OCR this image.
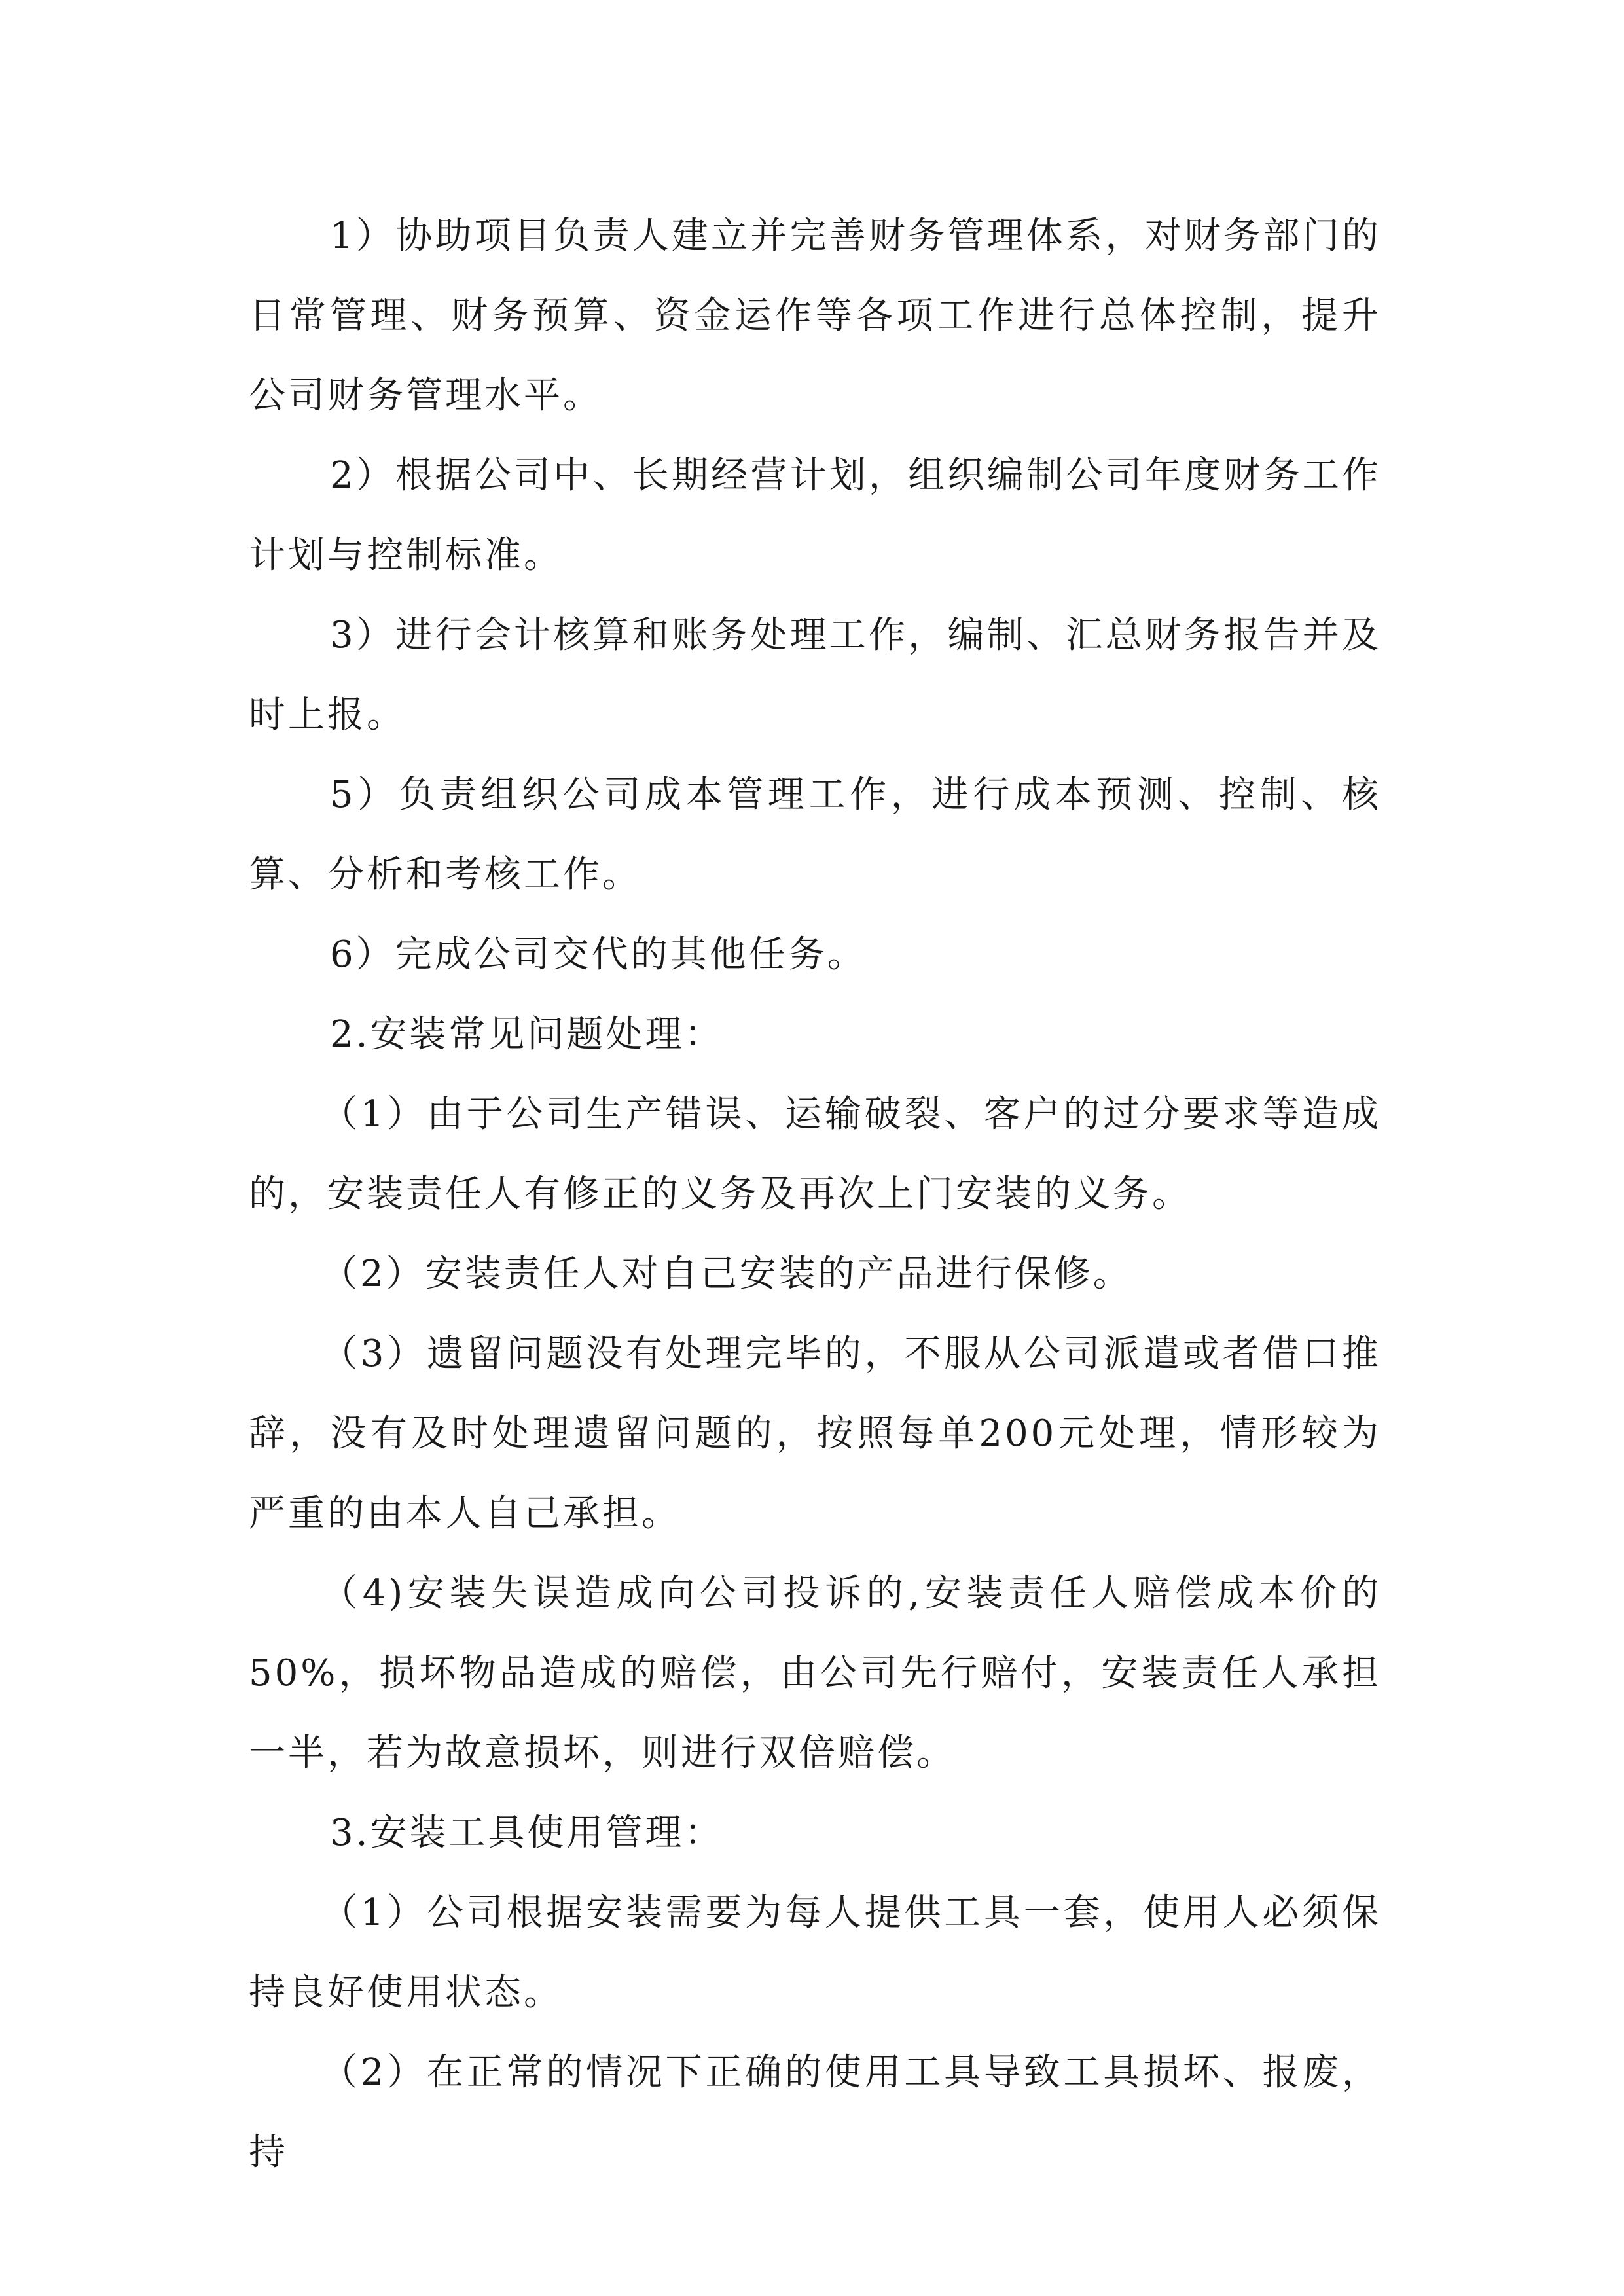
1）协助项目负责人建立并完善财务管理体系，对财务部门的日常管理、财务预算、资金运作等各项工作进行总体控制，提升公司财务管理水平。

2）根据公司中、长期经营计划，组织编制公司年度财务工作计划与控制标准。

3）进行会计核算和账务处理工作，编制、汇总财务报告并及时上报。

5）负责组织公司成本管理工作，进行成本预测、控制、核算、分析和考核工作。

6）完成公司交代的其他任务。

2.安装常见问题处理：

（1）由于公司生产错误、运输破裂、客户的过分要求等造成的，安装责任人有修正的义务及再次上门安装的义务。

（2）安装责任人对自己安装的产品进行保修。

（3）遗留问题没有处理完毕的，不服从公司派遣或者借口推辞，没有及时处理遗留问题的，按照每单200元处理，情形较为严重的由本人自己承担。

（4)安装失误造成向公司投诉的,安装责任人赔偿成本价的50%，损坏物品造成的赔偿，由公司先行赔付，安装责任人承担一半，若为故意损坏，则进行双倍赔偿。

3.安装工具使用管理：

（1）公司根据安装需要为每人提供工具一套，使用人必须保持良好使用状态。

（2）在正常的情况下正确的使用工具导致工具损坏、报废，持
